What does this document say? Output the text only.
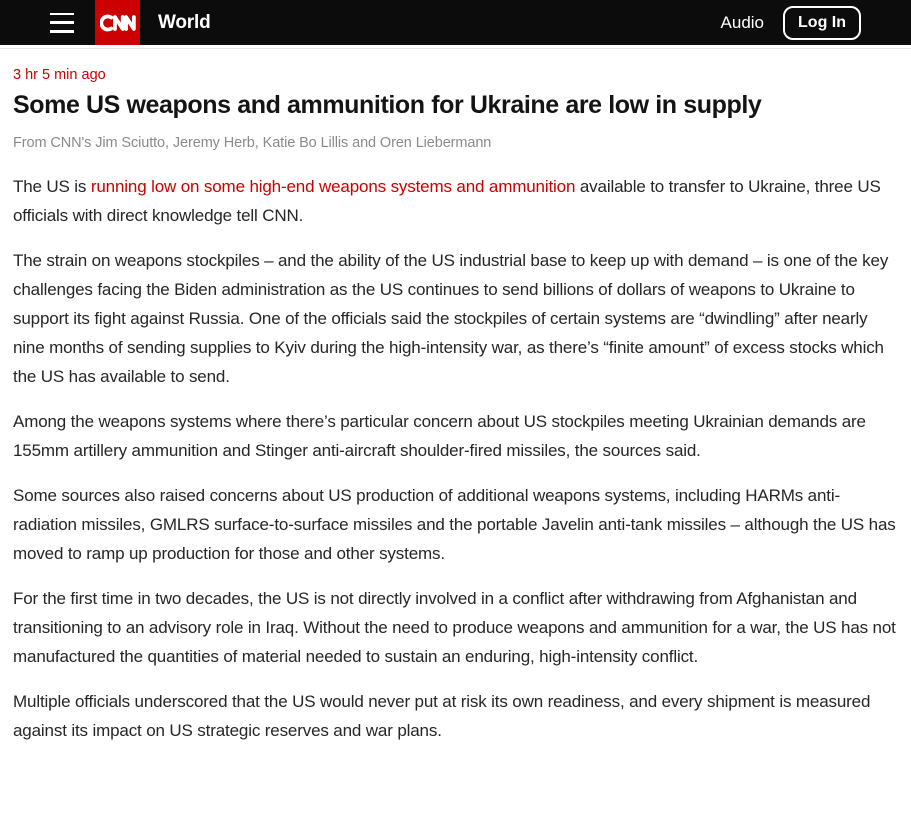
World	Audio	Log In
3 hr 5 min ago
Some US weapons and ammunition for Ukraine are low in supply
From CNN's Jim Sciutto, Jeremy Herb, Katie Bo Lillis and Oren Liebermann

The US is running low on some high-end weapons systems and ammunition available to transfer to Ukraine, three US officials with direct knowledge tell CNN.

The strain on weapons stockpiles – and the ability of the US industrial base to keep up with demand – is one of the key challenges facing the Biden administration as the US continues to send billions of dollars of weapons to Ukraine to support its fight against Russia. One of the officials said the stockpiles of certain systems are “dwindling” after nearly nine months of sending supplies to Kyiv during the high-intensity war, as there’s “finite amount” of excess stocks which the US has available to send.

Among the weapons systems where there’s particular concern about US stockpiles meeting Ukrainian demands are 155mm artillery ammunition and Stinger anti-aircraft shoulder-fired missiles, the sources said.

Some sources also raised concerns about US production of additional weapons systems, including HARMs anti-radiation missiles, GMLRS surface-to-surface missiles and the portable Javelin anti-tank missiles – although the US has moved to ramp up production for those and other systems.

For the first time in two decades, the US is not directly involved in a conflict after withdrawing from Afghanistan and transitioning to an advisory role in Iraq. Without the need to produce weapons and ammunition for a war, the US has not manufactured the quantities of material needed to sustain an enduring, high-intensity conflict.

Multiple officials underscored that the US would never put at risk its own readiness, and every shipment is measured against its impact on US strategic reserves and war plans.
